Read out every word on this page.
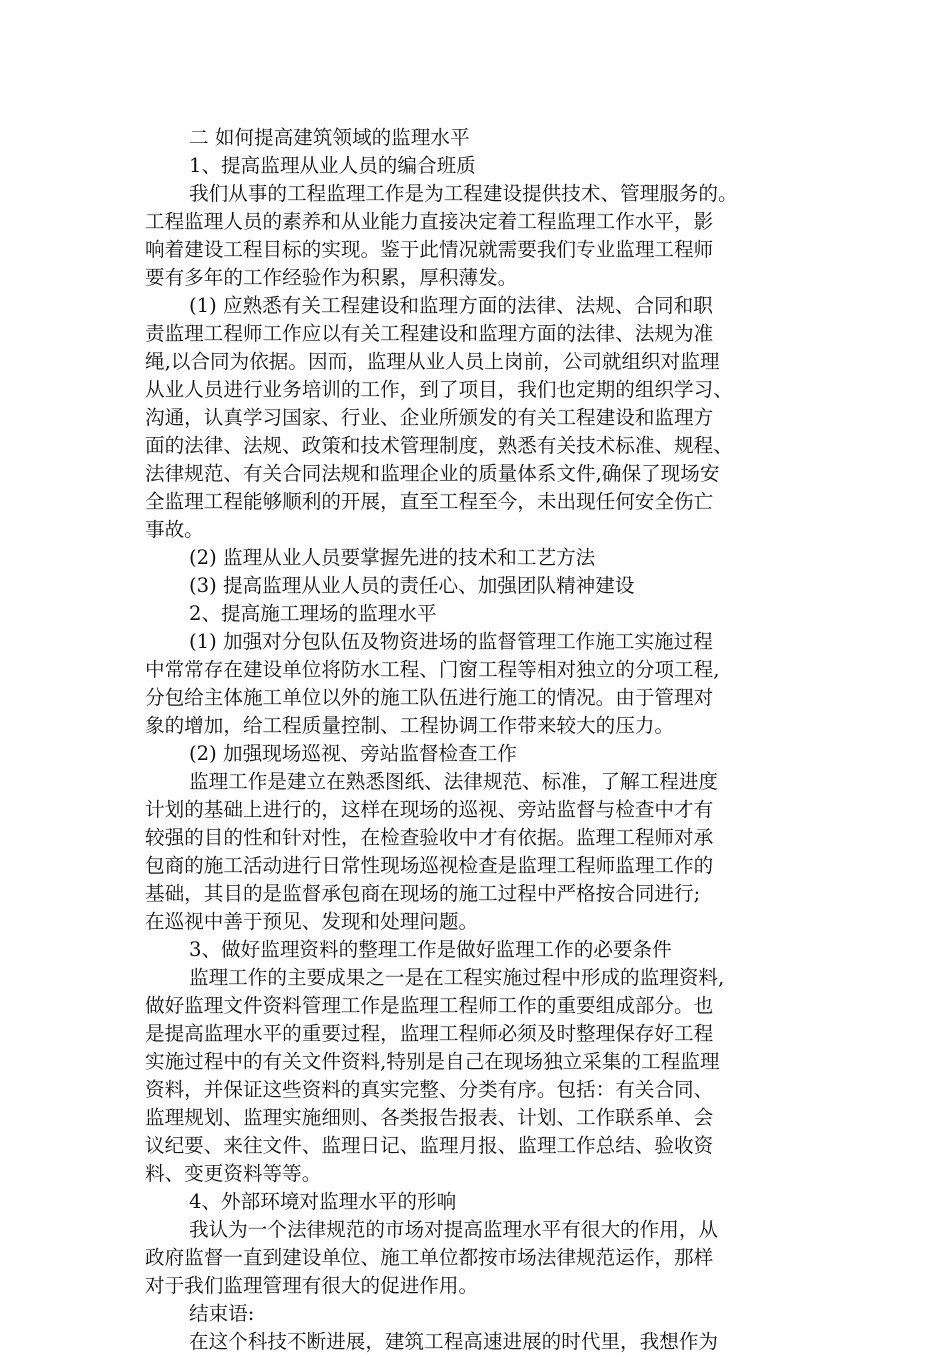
二 如何提高建筑领域的监理水平
1、提高监理从业人员的编合班质
我们从事的工程监理工作是为工程建设提供技术、管理服务的。
工程监理人员的素养和从业能力直接决定着工程监理工作水平，影
响着建设工程目标的实现。鉴于此情况就需要我们专业监理工程师
要有多年的工作经验作为积累，厚积薄发。
(1) 应熟悉有关工程建设和监理方面的法律、法规、合同和职
责监理工程师工作应以有关工程建设和监理方面的法律、法规为准
绳,以合同为依据。因而，监理从业人员上岗前，公司就组织对监理
从业人员进行业务培训的工作，到了项目，我们也定期的组织学习、
沟通，认真学习国家、行业、企业所颁发的有关工程建设和监理方
面的法律、法规、政策和技术管理制度，熟悉有关技术标准、规程、
法律规范、有关合同法规和监理企业的质量体系文件,确保了现场安
全监理工程能够顺利的开展，直至工程至今，未出现任何安全伤亡
事故。
(2) 监理从业人员要掌握先进的技术和工艺方法
(3) 提高监理从业人员的责任心、加强团队精神建设
2、提高施工理场的监理水平
(1) 加强对分包队伍及物资进场的监督管理工作施工实施过程
中常常存在建设单位将防水工程、门窗工程等相对独立的分项工程,
分包给主体施工单位以外的施工队伍进行施工的情况。由于管理对
象的增加，给工程质量控制、工程协调工作带来较大的压力。
(2) 加强现场巡视、旁站监督检查工作
监理工作是建立在熟悉图纸、法律规范、标准，了解工程进度
计划的基础上进行的，这样在现场的巡视、旁站监督与检查中才有
较强的目的性和针对性，在检查验收中才有依据。监理工程师对承
包商的施工活动进行日常性现场巡视检查是监理工程师监理工作的
基础，其目的是监督承包商在现场的施工过程中严格按合同进行;
在巡视中善于预见、发现和处理问题。
3、做好监理资料的整理工作是做好监理工作的必要条件
监理工作的主要成果之一是在工程实施过程中形成的监理资料,
做好监理文件资料管理工作是监理工程师工作的重要组成部分。也
是提高监理水平的重要过程，监理工程师必须及时整理保存好工程
实施过程中的有关文件资料,特别是自己在现场独立采集的工程监理
资料，并保证这些资料的真实完整、分类有序。包括：有关合同、
监理规划、监理实施细则、各类报告报表、计划、工作联系单、会
议纪要、来往文件、监理日记、监理月报、监理工作总结、验收资
料、变更资料等等。
4、外部环境对监理水平的形响
我认为一个法律规范的市场对提高监理水平有很大的作用，从
政府监督一直到建设单位、施工单位都按市场法律规范运作，那样
对于我们监理管理有很大的促进作用。
结束语:
在这个科技不断进展，建筑工程高速进展的时代里，我想作为
